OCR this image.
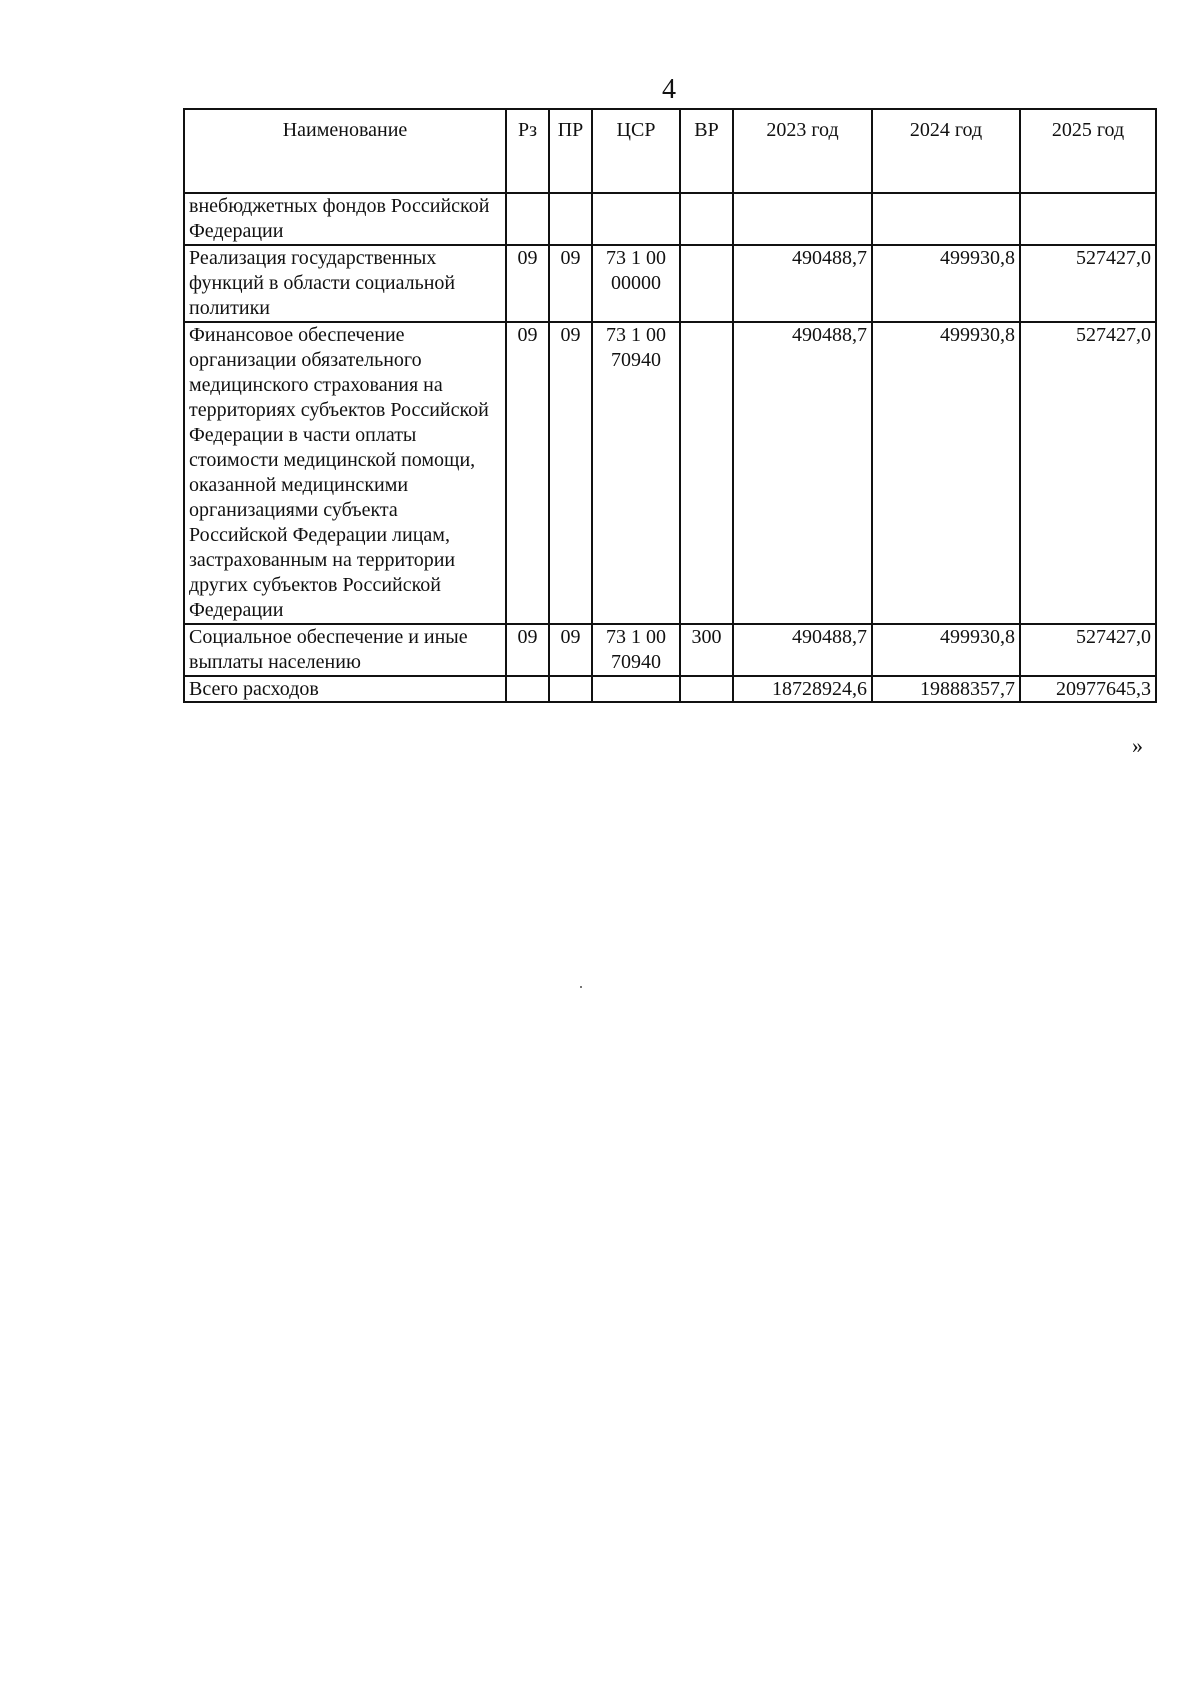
4
Наименование	Рз	ПР	ЦСР	ВР	2023 год	2024 год	2025 год
внебюджетных фондов Российской Федерации							
Реализация государственных функций в области социальной политики	09	09	73 1 00 00000		490488,7	499930,8	527427,0
Финансовое обеспечение организации обязательного медицинского страхования на территориях субъектов Российской Федерации в части оплаты стоимости медицинской помощи, оказанной медицинскими организациями субъекта Российской Федерации лицам, застрахованным на территории других субъектов Российской Федерации	09	09	73 1 00 70940		490488,7	499930,8	527427,0
Социальное обеспечение и иные выплаты населению	09	09	73 1 00 70940	300	490488,7	499930,8	527427,0
Всего расходов					18728924,6	19888357,7	20977645,3
»
